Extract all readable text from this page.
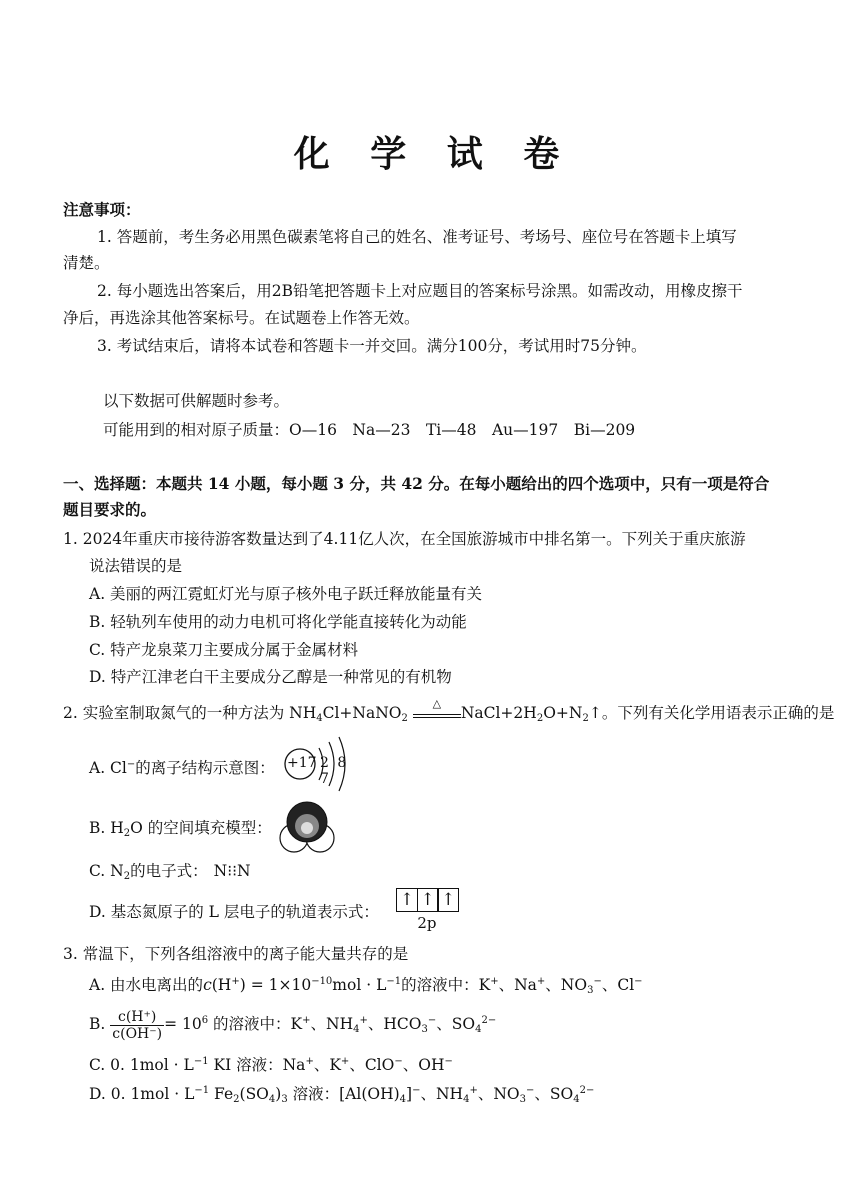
化 学 试 卷
注意事项：
1. 答题前，考生务必用黑色碳素笔将自己的姓名、准考证号、考场号、座位号在答题卡上填写
清楚。
2. 每小题选出答案后，用2B铅笔把答题卡上对应题目的答案标号涂黑。如需改动，用橡皮擦干
净后，再选涂其他答案标号。在试题卷上作答无效。
3. 考试结束后，请将本试卷和答题卡一并交回。满分100分，考试用时75分钟。
以下数据可供解题时参考。
可能用到的相对原子质量：O—16　Na—23　Ti—48　Au—197　Bi—209
一、选择题：本题共 14 小题，每小题 3 分，共 42 分。在每小题给出的四个选项中，只有一项是符合
题目要求的。
1. 2024年重庆市接待游客数量达到了4.11亿人次，在全国旅游城市中排名第一。下列关于重庆旅游
说法错误的是
A. 美丽的两江霓虹灯光与原子核外电子跃迁释放能量有关
B. 轻轨列车使用的动力电机可将化学能直接转化为动能
C. 特产龙泉菜刀主要成分属于金属材料
D. 特产江津老白干主要成分乙醇是一种常见的有机物
2. 实验室制取氮气的一种方法为 $NH_4Cl+NaNO_2$
△
$NaCl+2H_2O+N_2↑$。下列有关化学用语表示正确的是
A. Cl−的离子结构示意图： +17 2 8 7
B. $H_2O$ 的空间填充模型：
C. $N_2$的电子式： N⁝⁝N
D. 基态氮原子的 L 层电子的轨道表示式：
↑ ↑ ↑
2p
3. 常温下，下列各组溶液中的离子能大量共存的是
A. 由水电离出的$c(H^+) = 1\times 10^{-10}mol \cdot L^{-1}$的溶液中：K+、Na+、$NO_3^-$、Cl−
B. $\frac{c(H^+)}{c(OH^-)} = 10^6$ 的溶液中：K+、$NH_4^+$、$HCO_3^-$、$SO_4^{2-}$
C. 0. $1mol \cdot L^{-1}$ KI 溶液：Na+、K+、ClO−、OH−
D. 0. $1mol \cdot L^{-1}$ $Fe_2(SO_4)_3$ 溶液：$[Al(OH)_4]^-$、$NH_4^+$、$NO_3^-$、$SO_4^{2-}$
